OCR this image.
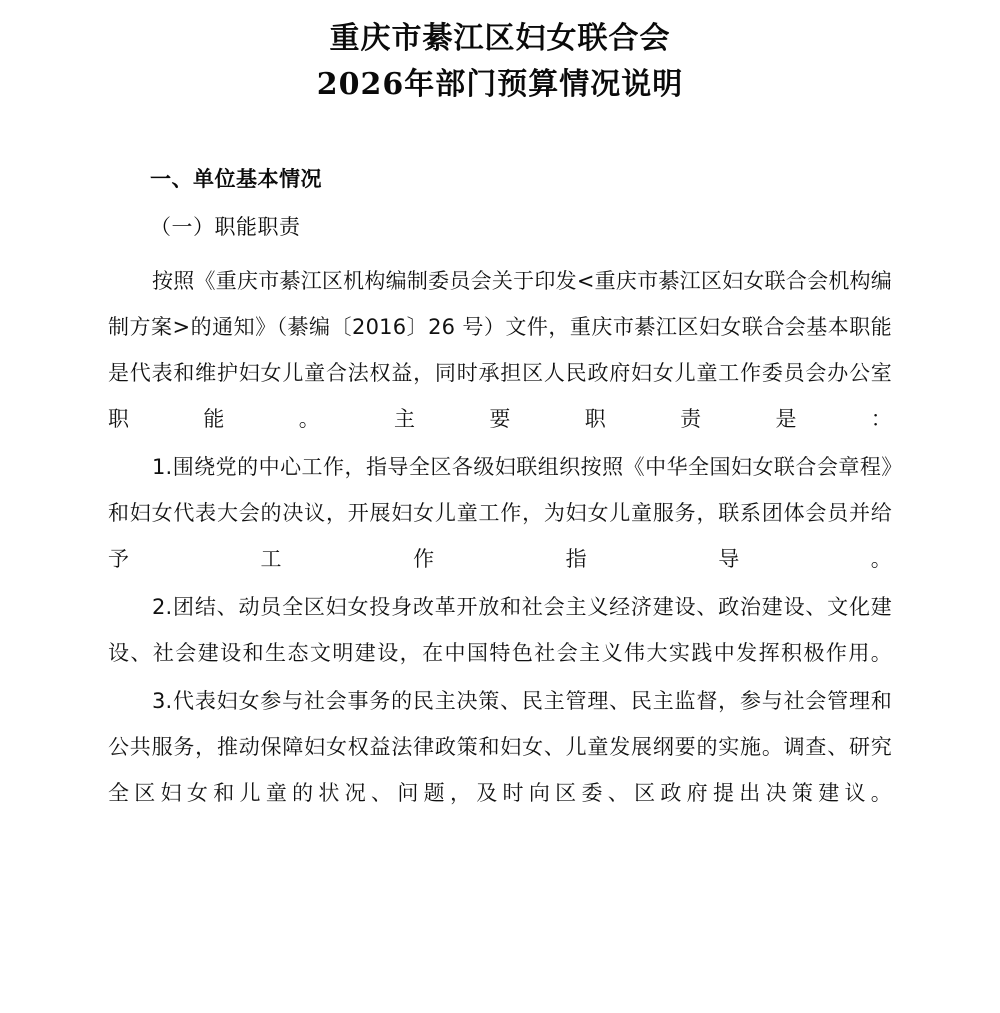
重庆市綦江区妇女联合会
2026年部门预算情况说明
一、单位基本情况
（一）职能职责

按照《重庆市綦江区机构编制委员会关于印发<重庆市綦江区妇女联合会机构编制方案>的通知》（綦编〔2016〕26 号）文件，重庆市綦江区妇女联合会基本职能是代表和维护妇女儿童合法权益，同时承担区人民政府妇女儿童工作委员会办公室职能。主要职责是：

1.围绕党的中心工作，指导全区各级妇联组织按照《中华全国妇女联合会章程》和妇女代表大会的决议，开展妇女儿童工作，为妇女儿童服务，联系团体会员并给予工作指导。

2.团结、动员全区妇女投身改革开放和社会主义经济建设、政治建设、文化建设、社会建设和生态文明建设，在中国特色社会主义伟大实践中发挥积极作用。

3.代表妇女参与社会事务的民主决策、民主管理、民主监督，参与社会管理和公共服务，推动保障妇女权益法律政策和妇女、儿童发展纲要的实施。调查、研究全区妇女和儿童的状况、问题，及时向区委、区政府提出决策建议。
